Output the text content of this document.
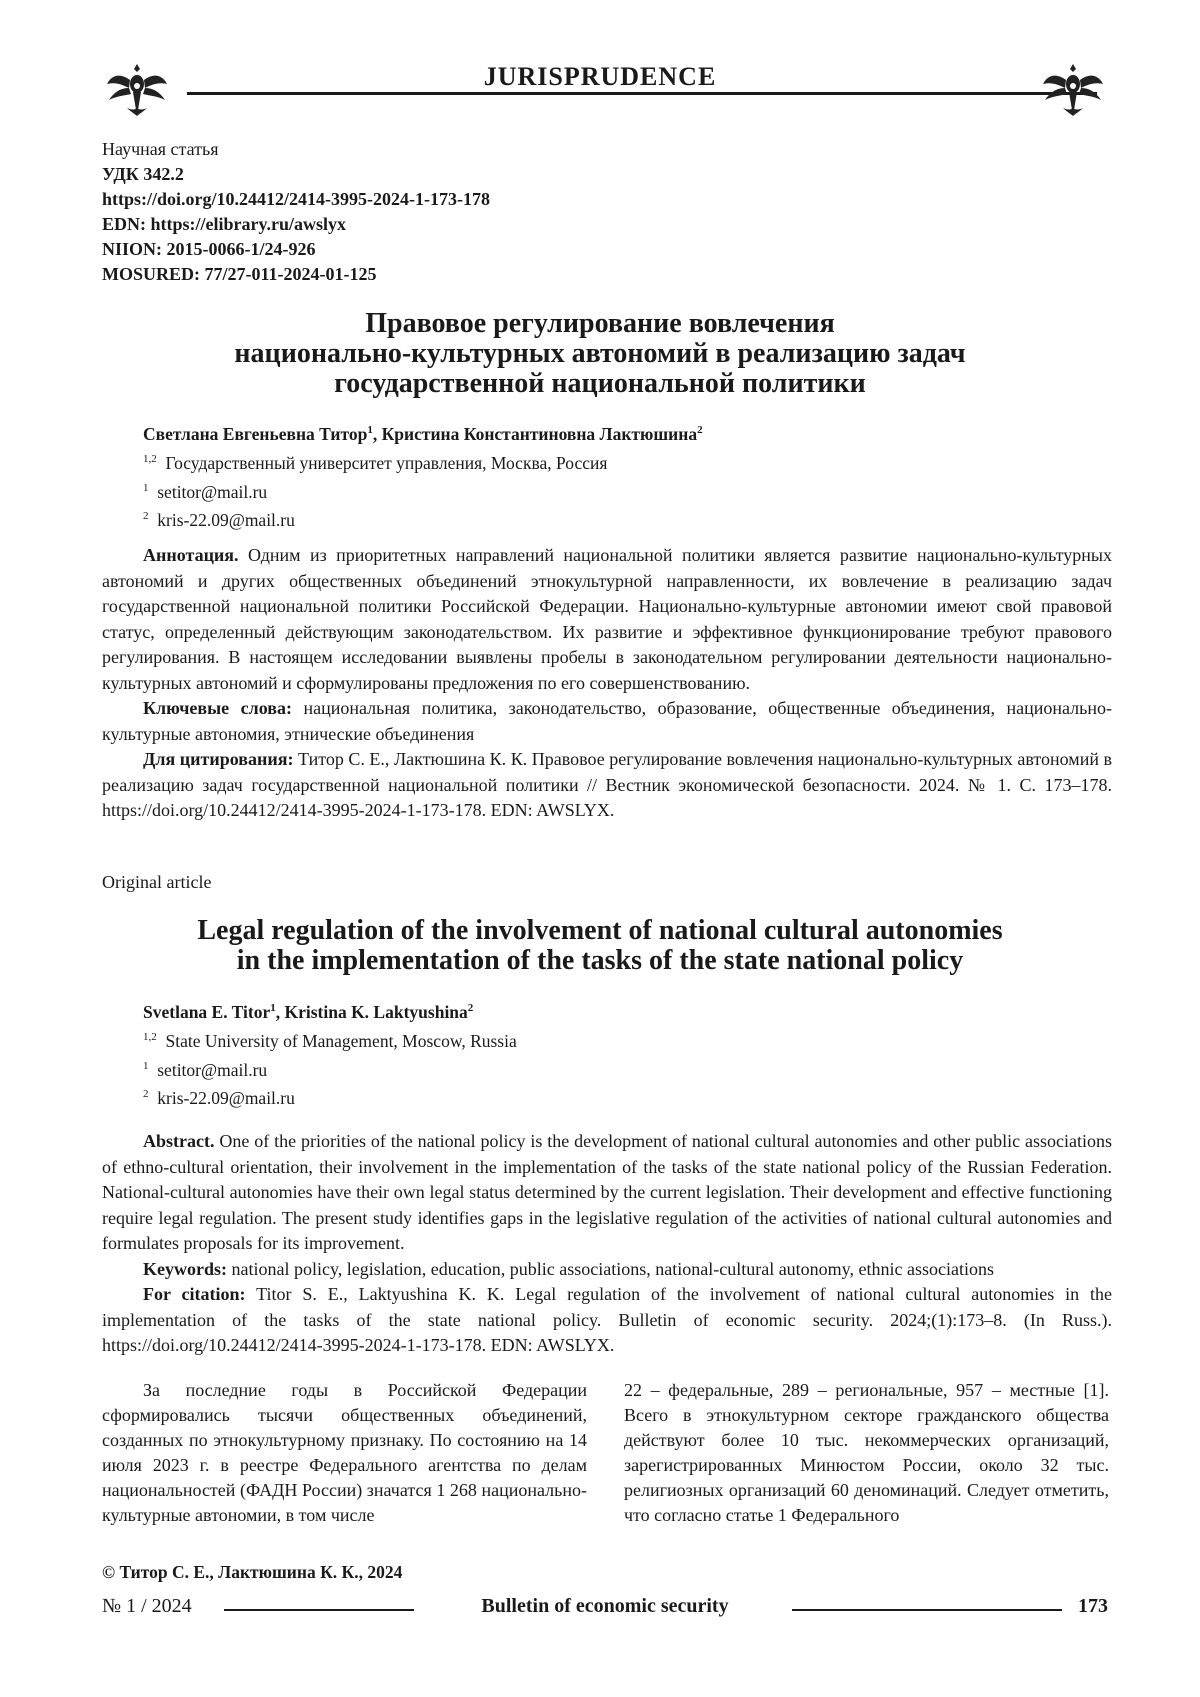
JURISPRUDENCE
Научная статья
УДК 342.2
https://doi.org/10.24412/2414-3995-2024-1-173-178
EDN: https://elibrary.ru/awslyx
NIION: 2015-0066-1/24-926
MOSURED: 77/27-011-2024-01-125
Правовое регулирование вовлечения
национально-культурных автономий в реализацию задач
государственной национальной политики
Светлана Евгеньевна Титор$^1$, Кристина Константиновна Лактюшина$^2$
$^{1,2}$ Государственный университет управления, Москва, Россия
$^1$ setitor@mail.ru
$^2$ kris-22.09@mail.ru

Аннотация. Одним из приоритетных направлений национальной политики является развитие национально-культурных автономий и других общественных объединений этнокультурной направленности, их вовлечение в реализацию задач государственной национальной политики Российской Федерации. Национально-культурные автономии имеют свой правовой статус, определенный действующим законодательством. Их развитие и эффективное функционирование требуют правового регулирования. В настоящем исследовании выявлены пробелы в законодательном регулировании деятельности национально-культурных автономий и сформулированы предложения по его совершенствованию.

Ключевые слова: национальная политика, законодательство, образование, общественные объединения, национально-культурные автономия, этнические объединения

Для цитирования: Титор С. Е., Лактюшина К. К. Правовое регулирование вовлечения национально-культурных автономий в реализацию задач государственной национальной политики // Вестник экономической безопасности. 2024. № 1. С. 173–178. https://doi.org/10.24412/2414-3995-2024-1-173-178. EDN: AWSLYX.

Original article
Legal regulation of the involvement of national cultural autonomies
in the implementation of the tasks of the state national policy
Svetlana E. Titor$^1$, Kristina K. Laktyushina$^2$
$^{1,2}$ State University of Management, Moscow, Russia
$^1$ setitor@mail.ru
$^2$ kris-22.09@mail.ru

Abstract. One of the priorities of the national policy is the development of national cultural autonomies and other public associations of ethno-cultural orientation, their involvement in the implementation of the tasks of the state national policy of the Russian Federation. National-cultural autonomies have their own legal status determined by the current legislation. Their development and effective functioning require legal regulation. The present study identifies gaps in the legislative regulation of the activities of national cultural autonomies and formulates proposals for its improvement.

Keywords: national policy, legislation, education, public associations, national-cultural autonomy, ethnic associations

For citation: Titor S. E., Laktyushina K. K. Legal regulation of the involvement of national cultural autonomies in the implementation of the tasks of the state national policy. Bulletin of economic security. 2024;(1):173–8. (In Russ.). https://doi.org/10.24412/2414-3995-2024-1-173-178. EDN: AWSLYX.

За последние годы в Российской Федерации сформировались тысячи общественных объединений, созданных по этнокультурному признаку. По состоянию на 14 июля 2023 г. в реестре Федерального агентства по делам национальностей (ФАДН России) значатся 1 268 национально-культурные автономии, в том числе
22 – федеральные, 289 – региональные, 957 – местные [1]. Всего в этнокультурном секторе гражданского общества действуют более 10 тыс. некоммерческих организаций, зарегистрированных Минюстом России, около 32 тыс. религиозных организаций 60 деноминаций. Следует отметить, что согласно статье 1 Федерального
© Титор С. Е., Лактюшина К. К., 2024
№ 1 / 2024	Bulletin of economic security	173
